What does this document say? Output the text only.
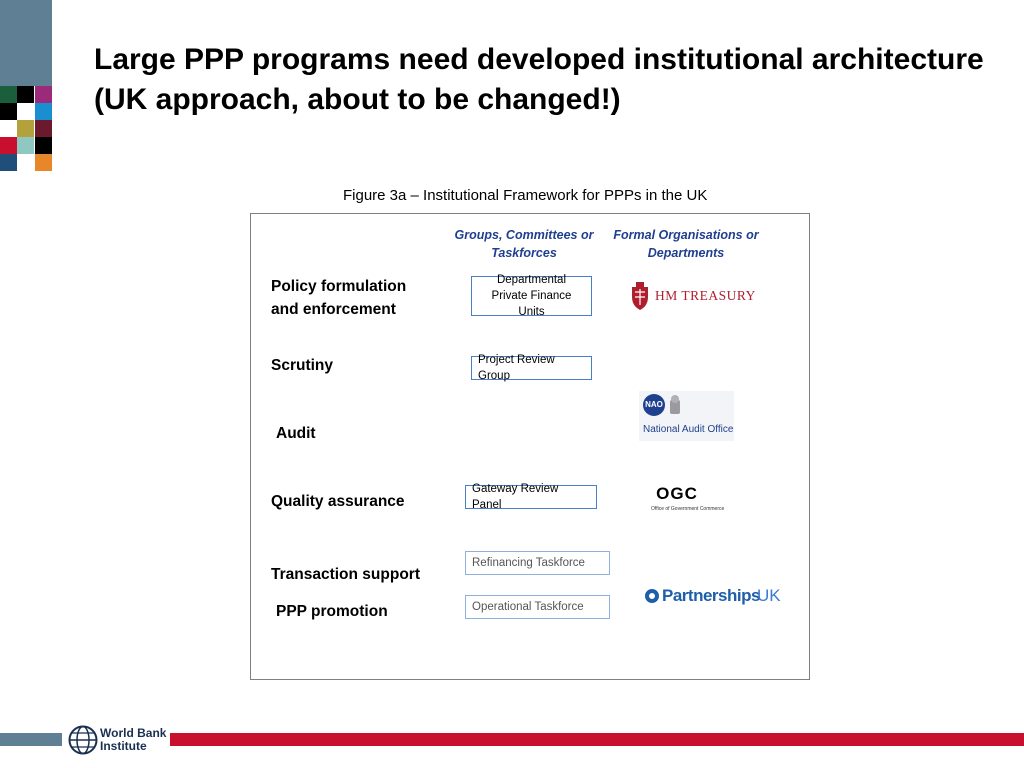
Large PPP programs need developed institutional architecture (UK approach, about to be changed!)
Figure 3a – Institutional Framework for PPPs in the UK
Groups, Committees or Taskforces
Formal Organisations or Departments
Policy formulation and enforcement
Scrutiny
Audit
Quality assurance
Transaction support
PPP promotion
Departmental Private Finance Units
Project Review Group
Gateway Review Panel
Refinancing Taskforce
Operational Taskforce
HM TREASURY
NAO
National Audit Office
OGC
Office of Government Commerce
Partnerships
UK
World Bank
Institute
